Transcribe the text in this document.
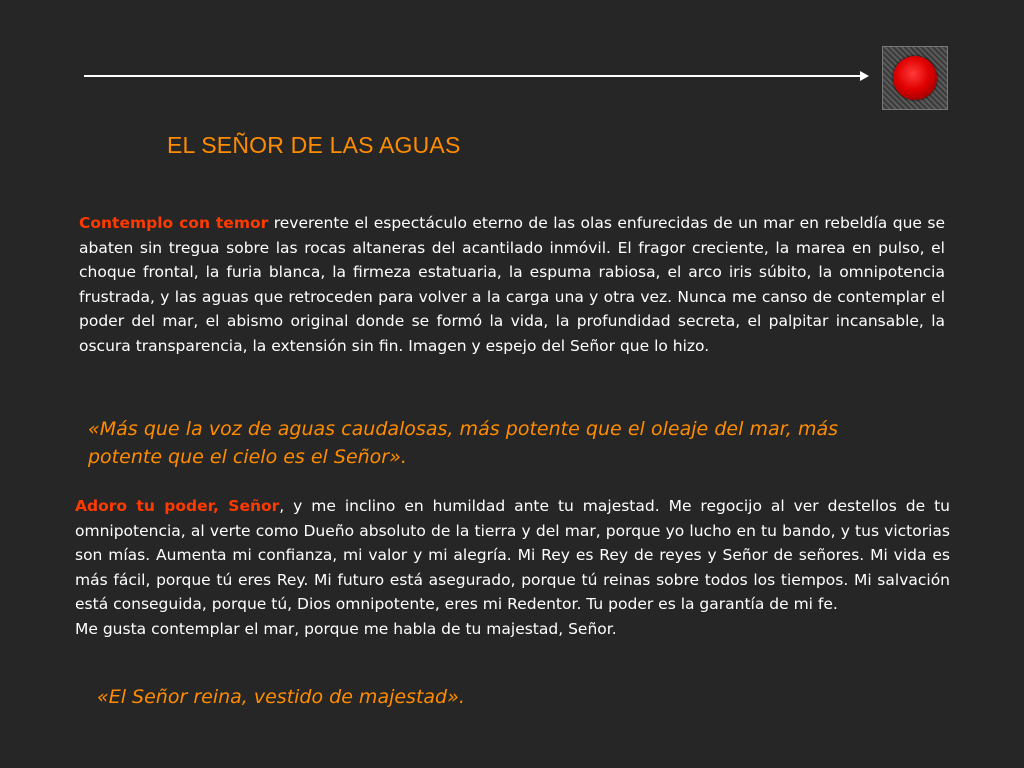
EL SEÑOR DE LAS AGUAS

Contemplo con temor reverente el espectáculo eterno de las olas enfurecidas de un mar en rebeldía que se abaten sin tregua sobre las rocas altaneras del acantilado inmóvil. El fragor creciente, la marea en pulso, el choque frontal, la furia blanca, la firmeza estatuaria, la espuma rabiosa, el arco iris súbito, la omnipotencia frustrada, y las aguas que retroceden para volver a la carga una y otra vez. Nunca me canso de contemplar el poder del mar, el abismo original donde se formó la vida, la profundidad secreta, el palpitar incansable, la oscura transparencia, la extensión sin fin. Imagen y espejo del Señor que lo hizo.

«Más que la voz de aguas caudalosas, más potente que el oleaje del mar, más potente que el cielo es el Señor».

Adoro tu poder, Señor, y me inclino en humildad ante tu majestad. Me regocijo al ver destellos de tu omnipotencia, al verte como Dueño absoluto de la tierra y del mar, porque yo lucho en tu bando, y tus victorias son mías. Aumenta mi confianza, mi valor y mi alegría. Mi Rey es Rey de reyes y Señor de señores. Mi vida es más fácil, porque tú eres Rey. Mi futuro está asegurado, porque tú reinas sobre todos los tiempos. Mi salvación está conseguida, porque tú, Dios omnipotente, eres mi Redentor. Tu poder es la garantía de mi fe.
Me gusta contemplar el mar, porque me habla de tu majestad, Señor.

«El Señor reina, vestido de majestad».
